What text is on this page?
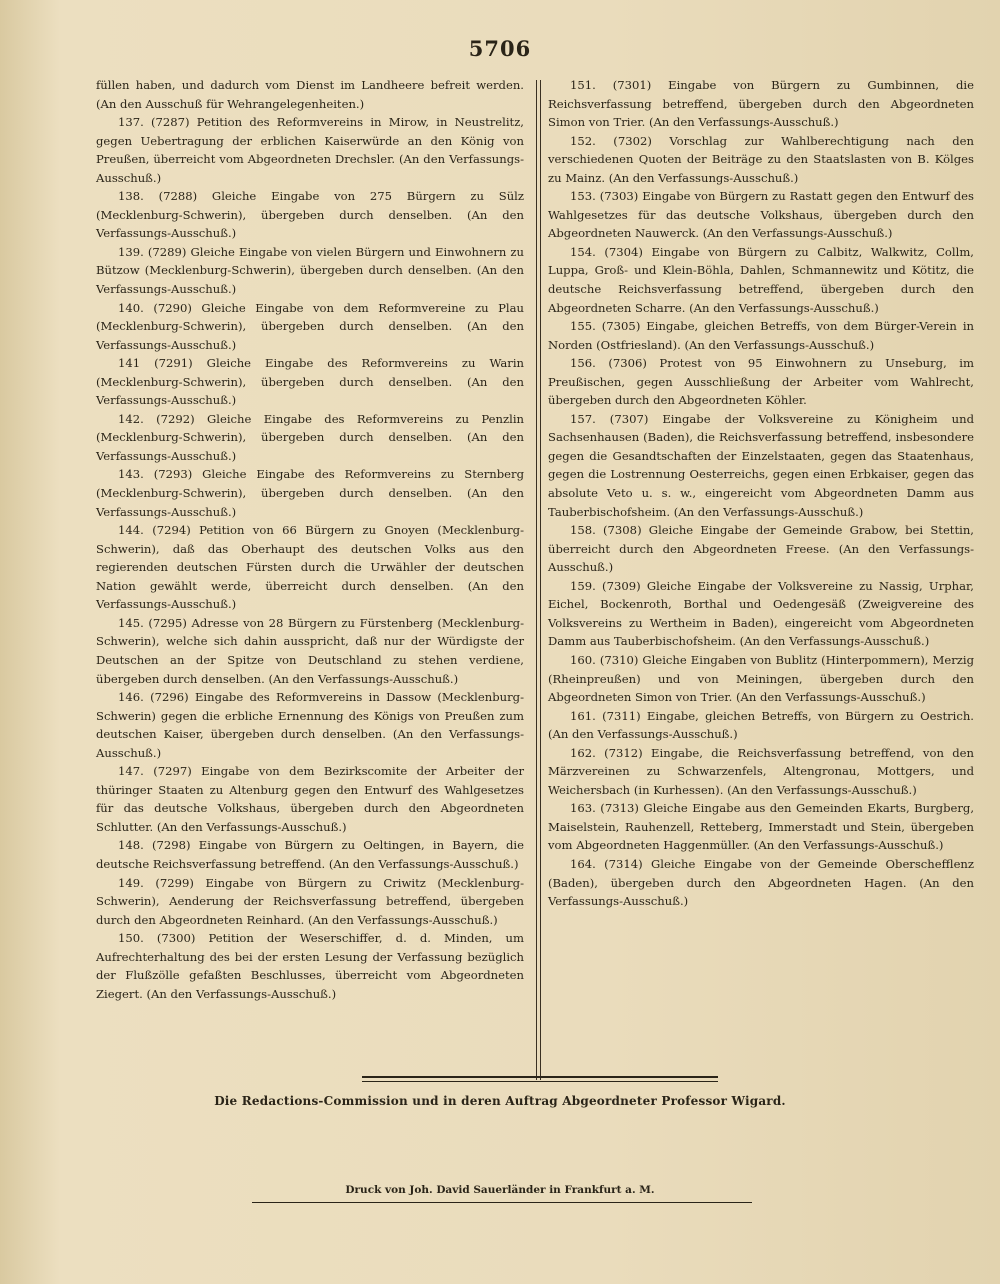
5706

füllen haben, und dadurch vom Dienst im Landheere befreit werden. (An den Ausschuß für Wehrangelegenheiten.)

137. (7287) Petition des Reformvereins in Mirow, in Neustrelitz, gegen Uebertragung der erblichen Kaiserwürde an den König von Preußen, überreicht vom Abgeordneten Drechsler. (An den Verfassungs-Ausschuß.)

138. (7288) Gleiche Eingabe von 275 Bürgern zu Sülz (Mecklenburg-Schwerin), übergeben durch denselben. (An den Verfassungs-Ausschuß.)

139. (7289) Gleiche Eingabe von vielen Bürgern und Einwohnern zu Bützow (Mecklenburg-Schwerin), übergeben durch denselben. (An den Verfassungs-Ausschuß.)

140. (7290) Gleiche Eingabe von dem Reformvereine zu Plau (Mecklenburg-Schwerin), übergeben durch denselben. (An den Verfassungs-Ausschuß.)

141 (7291) Gleiche Eingabe des Reformvereins zu Warin (Mecklenburg-Schwerin), übergeben durch denselben. (An den Verfassungs-Ausschuß.)

142. (7292) Gleiche Eingabe des Reformvereins zu Penzlin (Mecklenburg-Schwerin), übergeben durch denselben. (An den Verfassungs-Ausschuß.)

143. (7293) Gleiche Eingabe des Reformvereins zu Sternberg (Mecklenburg-Schwerin), übergeben durch denselben. (An den Verfassungs-Ausschuß.)

144. (7294) Petition von 66 Bürgern zu Gnoyen (Mecklenburg-Schwerin), daß das Oberhaupt des deutschen Volks aus den regierenden deutschen Fürsten durch die Urwähler der deutschen Nation gewählt werde, überreicht durch denselben. (An den Verfassungs-Ausschuß.)

145. (7295) Adresse von 28 Bürgern zu Fürstenberg (Mecklenburg-Schwerin), welche sich dahin ausspricht, daß nur der Würdigste der Deutschen an der Spitze von Deutschland zu stehen verdiene, übergeben durch denselben. (An den Verfassungs-Ausschuß.)

146. (7296) Eingabe des Reformvereins in Dassow (Mecklenburg-Schwerin) gegen die erbliche Ernennung des Königs von Preußen zum deutschen Kaiser, übergeben durch denselben. (An den Verfassungs-Ausschuß.)

147. (7297) Eingabe von dem Bezirkscomite der Arbeiter der thüringer Staaten zu Altenburg gegen den Entwurf des Wahlgesetzes für das deutsche Volkshaus, übergeben durch den Abgeordneten Schlutter. (An den Verfassungs-Ausschuß.)

148. (7298) Eingabe von Bürgern zu Oeltingen, in Bayern, die deutsche Reichsverfassung betreffend. (An den Verfassungs-Ausschuß.)

149. (7299) Eingabe von Bürgern zu Criwitz (Mecklenburg-Schwerin), Aenderung der Reichsverfassung betreffend, übergeben durch den Abgeordneten Reinhard. (An den Verfassungs-Ausschuß.)

150. (7300) Petition der Weserschiffer, d. d. Minden, um Aufrechterhaltung des bei der ersten Lesung der Verfassung bezüglich der Flußzölle gefaßten Beschlusses, überreicht vom Abgeordneten Ziegert. (An den Verfassungs-Ausschuß.)

151. (7301) Eingabe von Bürgern zu Gumbinnen, die Reichsverfassung betreffend, übergeben durch den Abgeordneten Simon von Trier. (An den Verfassungs-Ausschuß.)

152. (7302) Vorschlag zur Wahlberechtigung nach den verschiedenen Quoten der Beiträge zu den Staatslasten von B. Kölges zu Mainz. (An den Verfassungs-Ausschuß.)

153. (7303) Eingabe von Bürgern zu Rastatt gegen den Entwurf des Wahlgesetzes für das deutsche Volkshaus, übergeben durch den Abgeordneten Nauwerck. (An den Verfassungs-Ausschuß.)

154. (7304) Eingabe von Bürgern zu Calbitz, Walkwitz, Collm, Luppa, Groß- und Klein-Böhla, Dahlen, Schmannewitz und Kötitz, die deutsche Reichsverfassung betreffend, übergeben durch den Abgeordneten Scharre. (An den Verfassungs-Ausschuß.)

155. (7305) Eingabe, gleichen Betreffs, von dem Bürger-Verein in Norden (Ostfriesland). (An den Verfassungs-Ausschuß.)

156. (7306) Protest von 95 Einwohnern zu Unseburg, im Preußischen, gegen Ausschließung der Arbeiter vom Wahlrecht, übergeben durch den Abgeordneten Köhler.

157. (7307) Eingabe der Volksvereine zu Königheim und Sachsenhausen (Baden), die Reichsverfassung betreffend, insbesondere gegen die Gesandtschaften der Einzelstaaten, gegen das Staatenhaus, gegen die Lostrennung Oesterreichs, gegen einen Erbkaiser, gegen das absolute Veto u. s. w., eingereicht vom Abgeordneten Damm aus Tauberbischofsheim. (An den Verfassungs-Ausschuß.)

158. (7308) Gleiche Eingabe der Gemeinde Grabow, bei Stettin, überreicht durch den Abgeordneten Freese. (An den Verfassungs-Ausschuß.)

159. (7309) Gleiche Eingabe der Volksvereine zu Nassig, Urphar, Eichel, Bockenroth, Borthal und Oedengesäß (Zweigvereine des Volksvereins zu Wertheim in Baden), eingereicht vom Abgeordneten Damm aus Tauberbischofsheim. (An den Verfassungs-Ausschuß.)

160. (7310) Gleiche Eingaben von Bublitz (Hinterpommern), Merzig (Rheinpreußen) und von Meiningen, übergeben durch den Abgeordneten Simon von Trier. (An den Verfassungs-Ausschuß.)

161. (7311) Eingabe, gleichen Betreffs, von Bürgern zu Oestrich. (An den Verfassungs-Ausschuß.)

162. (7312) Eingabe, die Reichsverfassung betreffend, von den Märzvereinen zu Schwarzenfels, Altengronau, Mottgers, und Weichersbach (in Kurhessen). (An den Verfassungs-Ausschuß.)

163. (7313) Gleiche Eingabe aus den Gemeinden Ekarts, Burgberg, Maiselstein, Rauhenzell, Retteberg, Immerstadt und Stein, übergeben vom Abgeordneten Haggenmüller. (An den Verfassungs-Ausschuß.)

164. (7314) Gleiche Eingabe von der Gemeinde Oberschefflenz (Baden), übergeben durch den Abgeordneten Hagen. (An den Verfassungs-Ausschuß.)

Die Redactions-Commission und in deren Auftrag Abgeordneter Professor Wigard.
Druck von Joh. David Sauerländer in Frankfurt a. M.
